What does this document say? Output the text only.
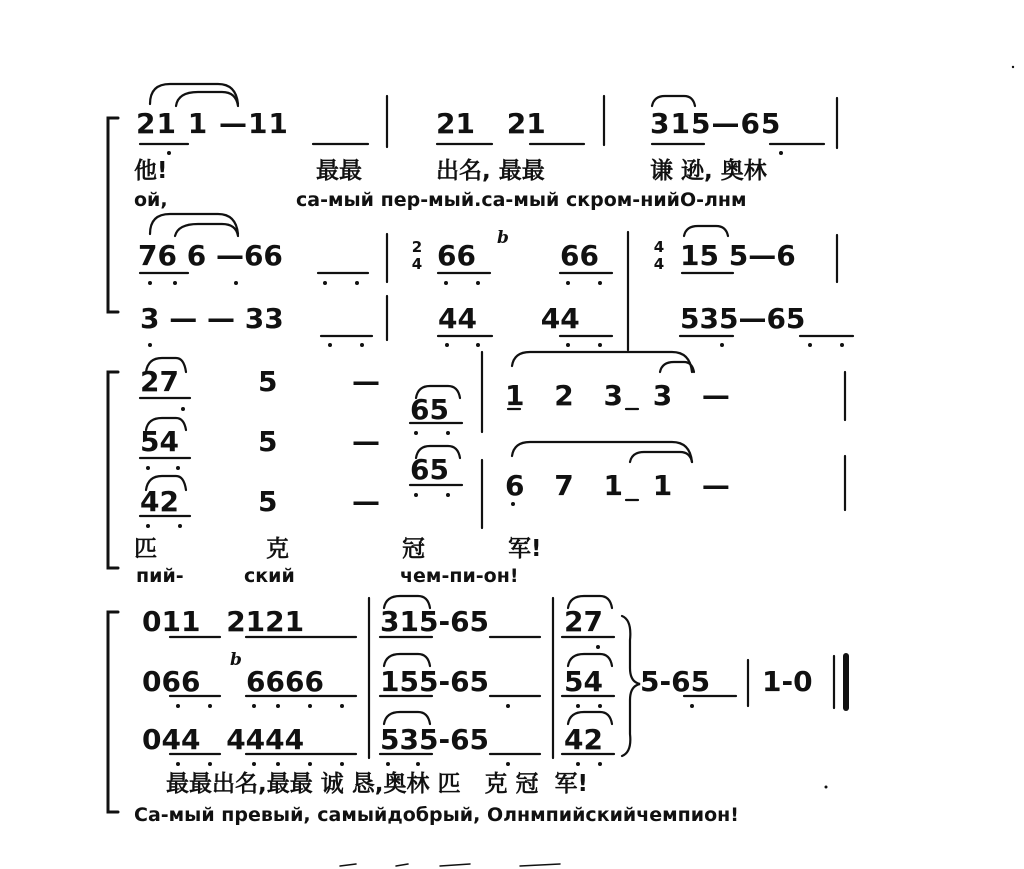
21 1 —11	21 21	315—65
他!	最最	出名, 最最	谦 逊, 奥林
ой,	са-мый пер-мый.са-мый скром-нийО-лнм
76 6 —66	2
4 66
b
66	4
4 15 5—6
3 — — 33	44 44	535—65
27	5	—
65 1 2 3 3 —
54	5	—
65 6 7 1 1 —
42	5	—
匹	克	冠	军!
пий-	ский	чем-пи-он!
011 2121	315-65	27
066
b
6666 155-65	54 5-65 1-0
044 4444	535-65	42
最最出名,最最 诚 恳,奥林 匹   克 冠  军!
Са-мый превый, самыйдобрый, Олнмпийскийчемпион!
